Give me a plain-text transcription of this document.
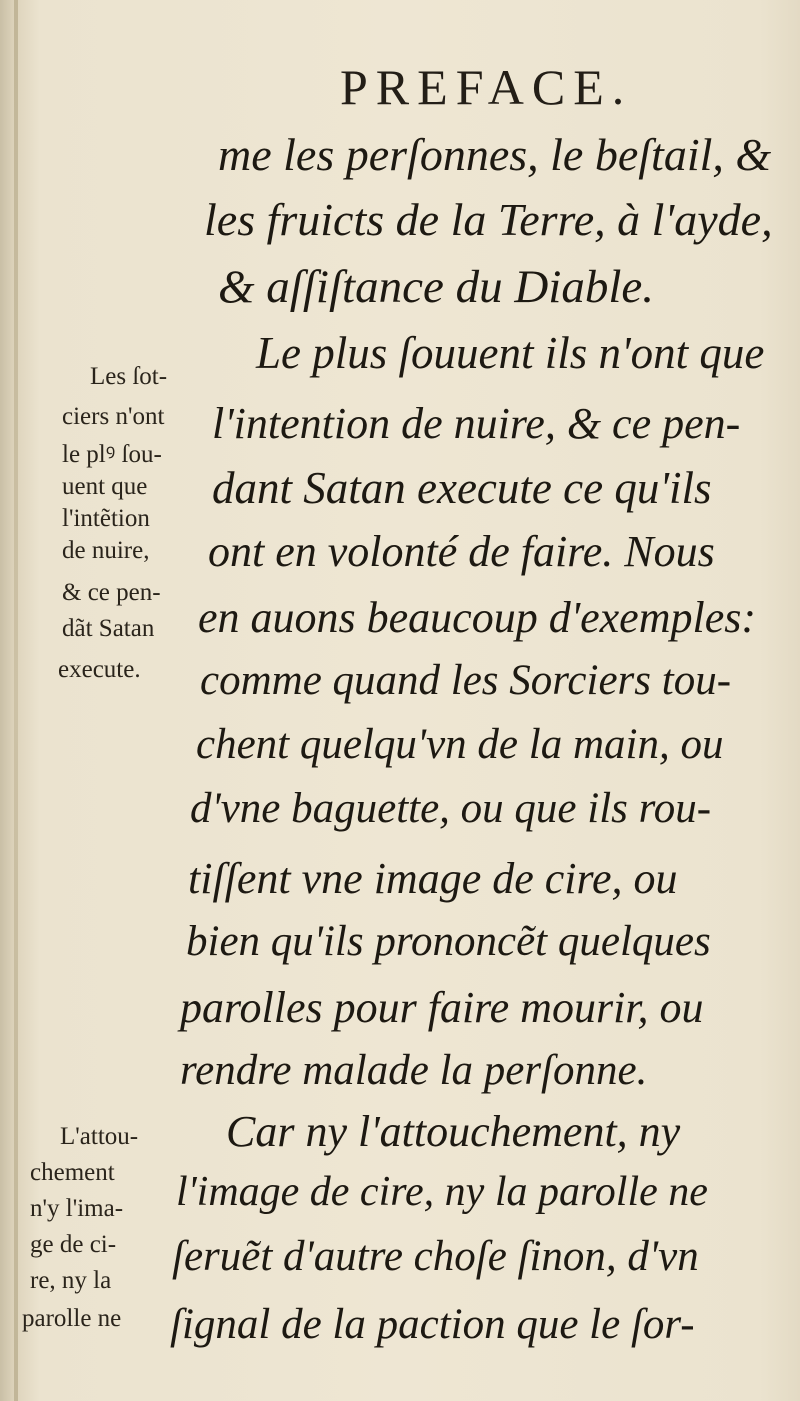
PREFACE.
me les perſonnes, le beſtail, &
les fruicts de la Terre, à l'ayde,
& aſſiſtance du Diable.
Le plus ſouuent ils n'ont que
l'intention de nuire, & ce pen-
dant Satan execute ce qu'ils
ont en volonté de faire. Nous
en auons beaucoup d'exemples:
comme quand les Sorciers tou-
chent quelqu'vn de la main, ou
d'vne baguette, ou que ils rou-
tiſſent vne image de cire, ou
bien qu'ils prononcẽt quelques
parolles pour faire mourir, ou
rendre malade la perſonne.
Car ny l'attouchement, ny
l'image de cire, ny la parolle ne
ſeruẽt d'autre choſe ſinon, d'vn
ſignal de la paction que le ſor-
Les ſot-
ciers n'ont
le plꝰ ſou-
uent que
l'intẽtion
de nuire,
& ce pen-
dãt Satan
execute.
L'attou-
chement
n'y l'ima-
ge de ci-
re, ny la
parolle ne
